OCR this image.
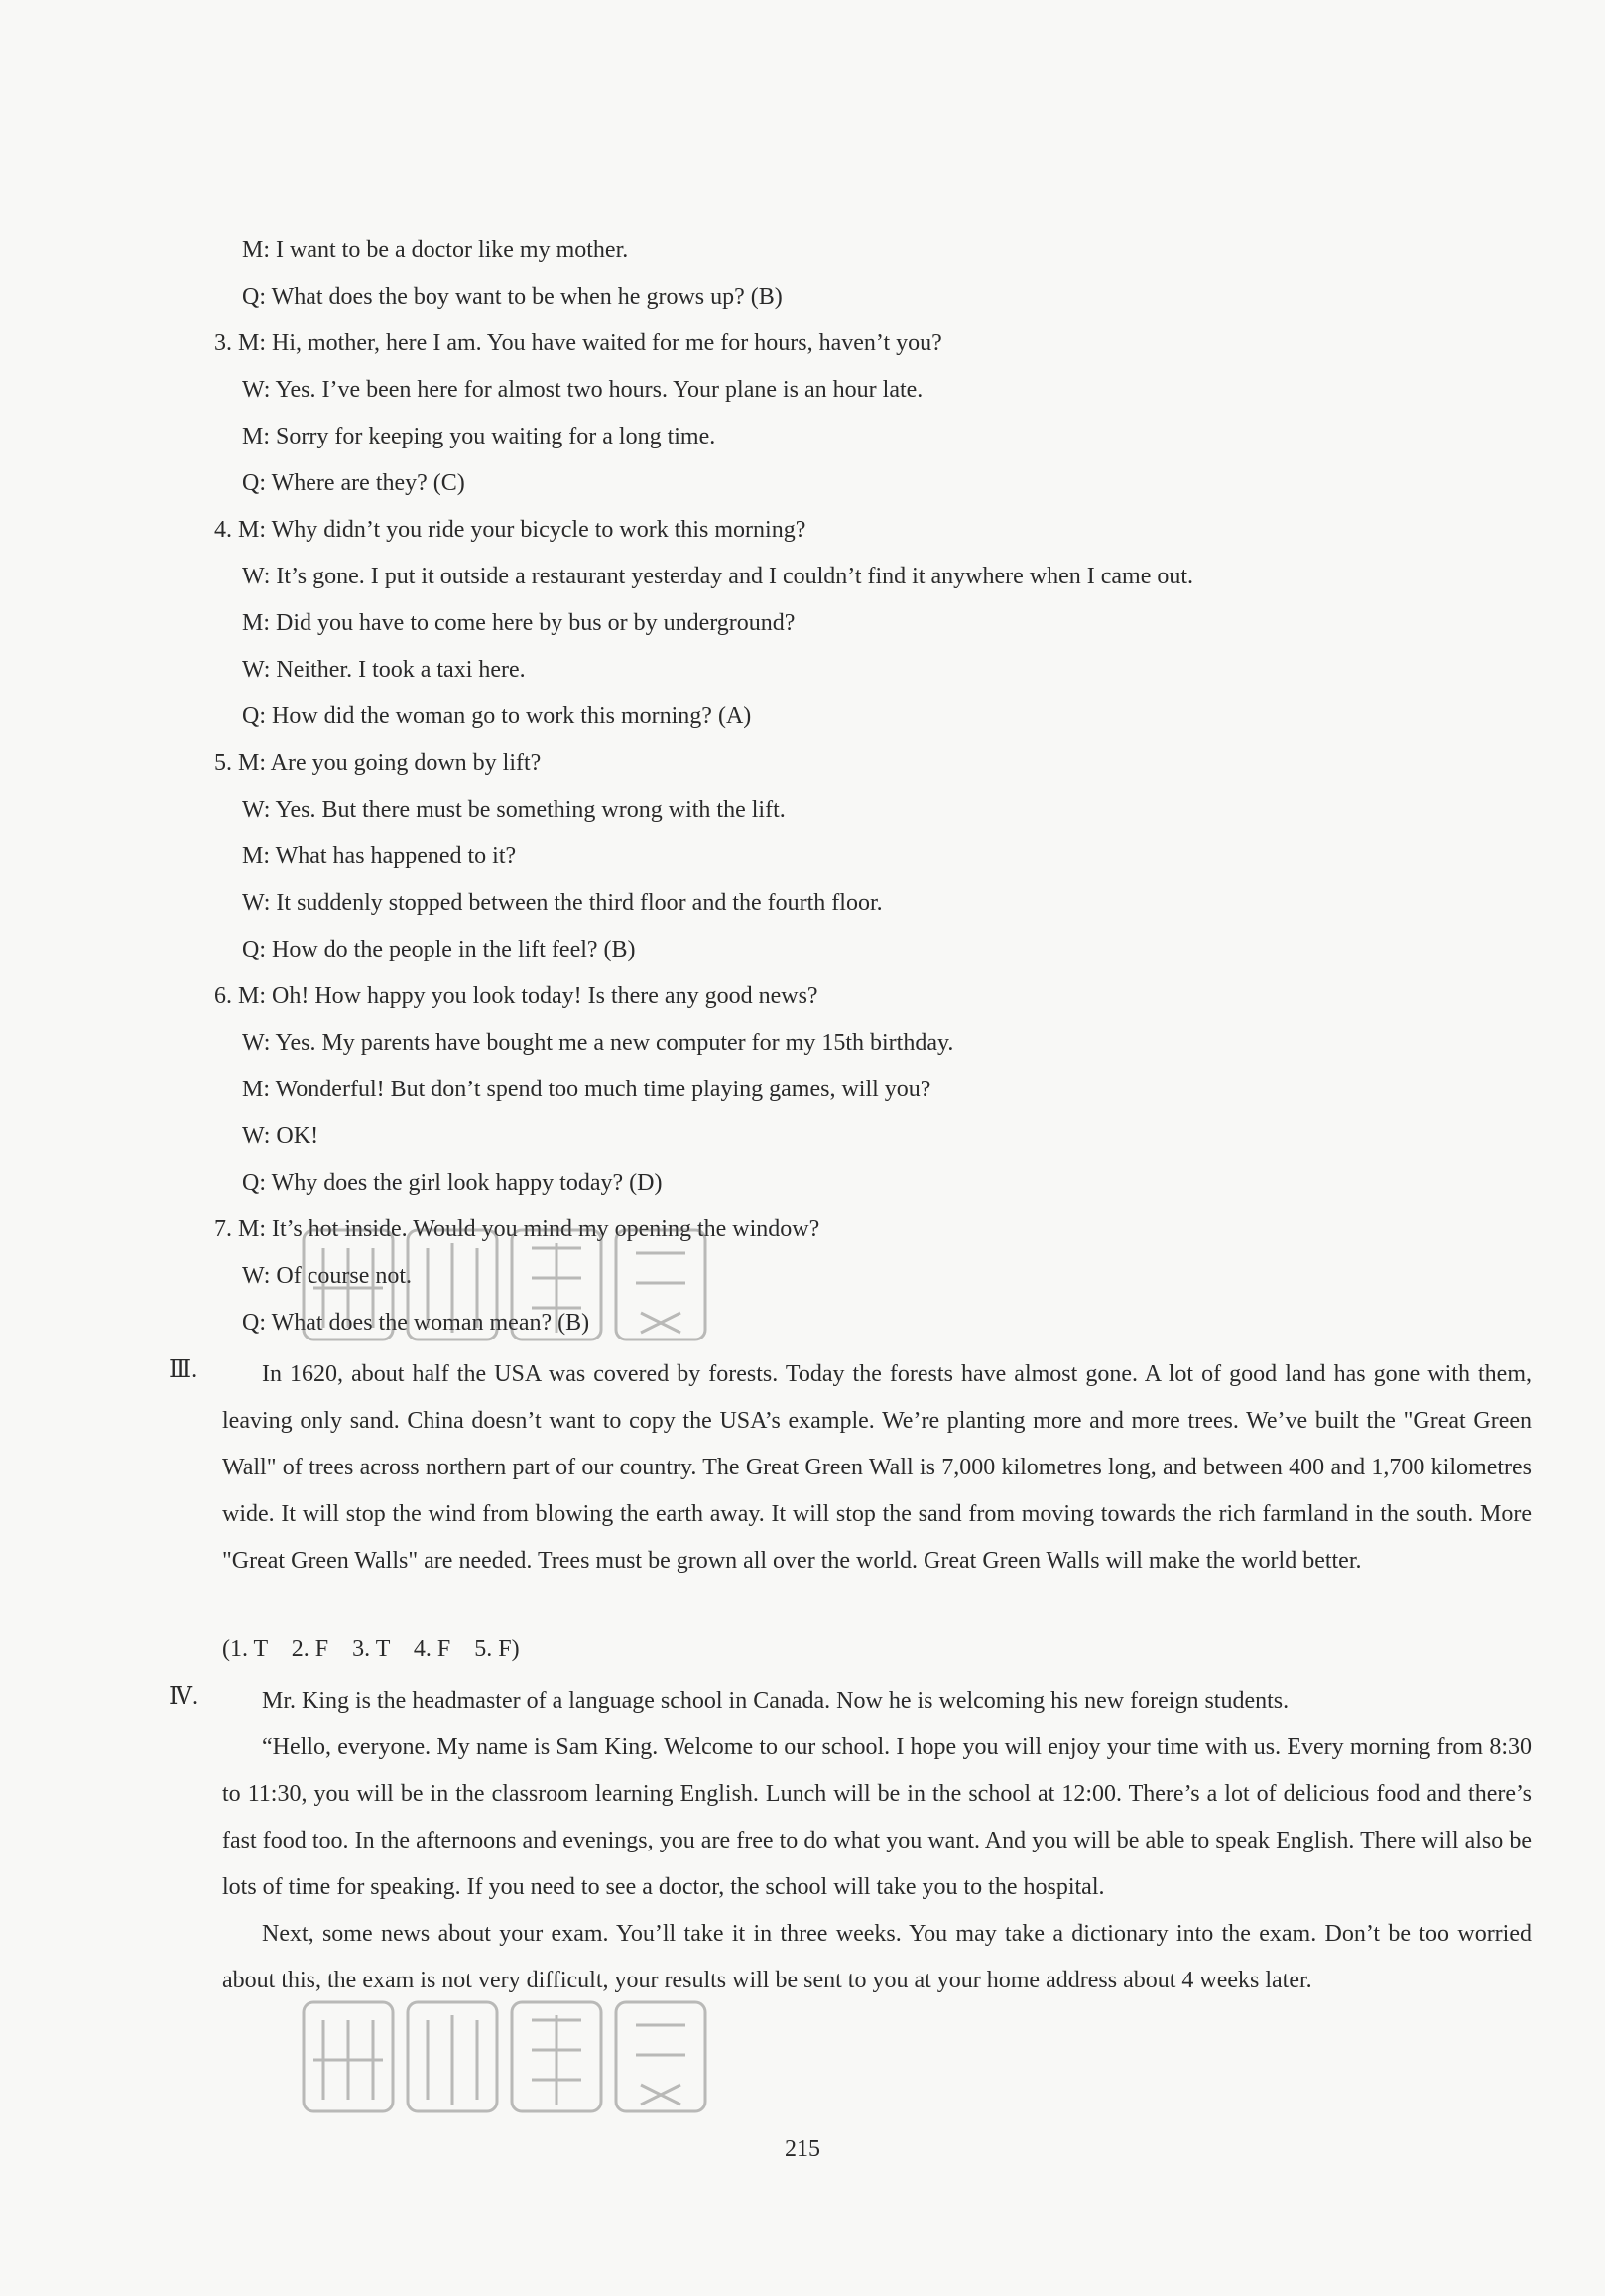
M: I want to be a doctor like my mother.
Q: What does the boy want to be when he grows up? (B)
3. M: Hi, mother, here I am. You have waited for me for hours, haven’t you?
W: Yes. I’ve been here for almost two hours. Your plane is an hour late.
M: Sorry for keeping you waiting for a long time.
Q: Where are they? (C)
4. M: Why didn’t you ride your bicycle to work this morning?
W: It’s gone. I put it outside a restaurant yesterday and I couldn’t find it anywhere when I came out.
M: Did you have to come here by bus or by underground?
W: Neither. I took a taxi here.
Q: How did the woman go to work this morning? (A)
5. M: Are you going down by lift?
W: Yes. But there must be something wrong with the lift.
M: What has happened to it?
W: It suddenly stopped between the third floor and the fourth floor.
Q: How do the people in the lift feel? (B)
6. M: Oh! How happy you look today! Is there any good news?
W: Yes. My parents have bought me a new computer for my 15th birthday.
M: Wonderful! But don’t spend too much time playing games, will you?
W: OK!
Q: Why does the girl look happy today? (D)
7. M: It’s hot inside. Would you mind my opening the window?
W: Of course not.
Q: What does the woman mean? (B)
Ⅲ.	In 1620, about half the USA was covered by forests. Today the forests have almost gone. A lot of good land has gone with them, leaving only sand. China doesn’t want to copy the USA’s example. We’re planting more and more trees. We’ve built the "Great Green Wall" of trees across northern part of our country. The Great Green Wall is 7,000 kilometres long, and between 400 and 1,700 kilometres wide. It will stop the wind from blowing the earth away. It will stop the sand from moving towards the rich farmland in the south. More "Great Green Walls" are needed. Trees must be grown all over the world. Great Green Walls will make the world better.

(1. T    2. F    3. T    4. F    5. F)
Ⅳ.	Mr. King is the headmaster of a language school in Canada. Now he is welcoming his new foreign students.

“Hello, everyone. My name is Sam King. Welcome to our school. I hope you will enjoy your time with us. Every morning from 8:30 to 11:30, you will be in the classroom learning English. Lunch will be in the school at 12:00. There’s a lot of delicious food and there’s fast food too. In the afternoons and evenings, you are free to do what you want. And you will be able to speak English. There will also be lots of time for speaking. If you need to see a doctor, the school will take you to the hospital.

Next, some news about your exam. You’ll take it in three weeks. You may take a dictionary into the exam. Don’t be too worried about this, the exam is not very difficult, your results will be sent to you at your home address about 4 weeks later.

215
